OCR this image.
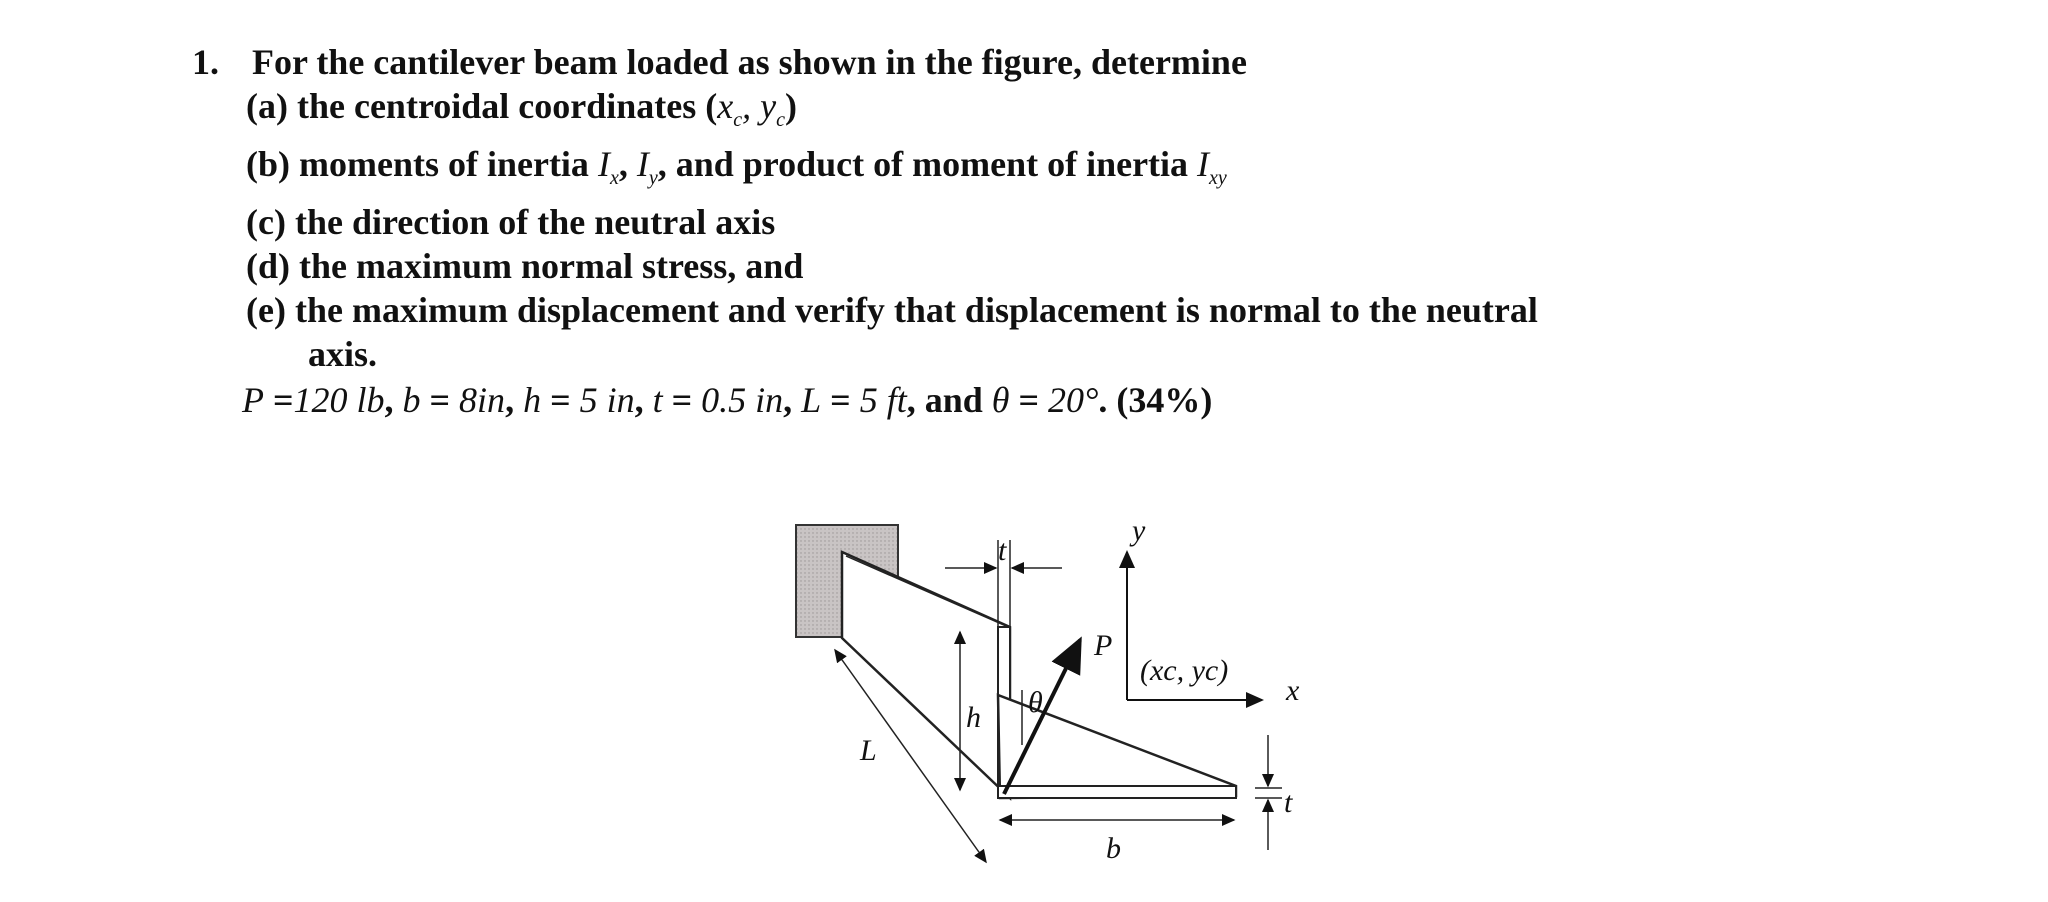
1. For the cantilever beam loaded as shown in the figure, determine
(a) the centroidal coordinates ($x_c$, $y_c$)
(b) moments of inertia $I_x$, $I_y$, and product of moment of inertia $I_{xy}$
(c) the direction of the neutral axis
(d) the maximum normal stress, and
(e) the maximum displacement and verify that displacement is normal to the neutral
axis.
P =120 lb, b = 8in, h = 5 in, t = 0.5 in, L = 5 ft, and θ = 20°. (34%)
t
h
P
θ
L
b
y
x
(xc, yc)
t
